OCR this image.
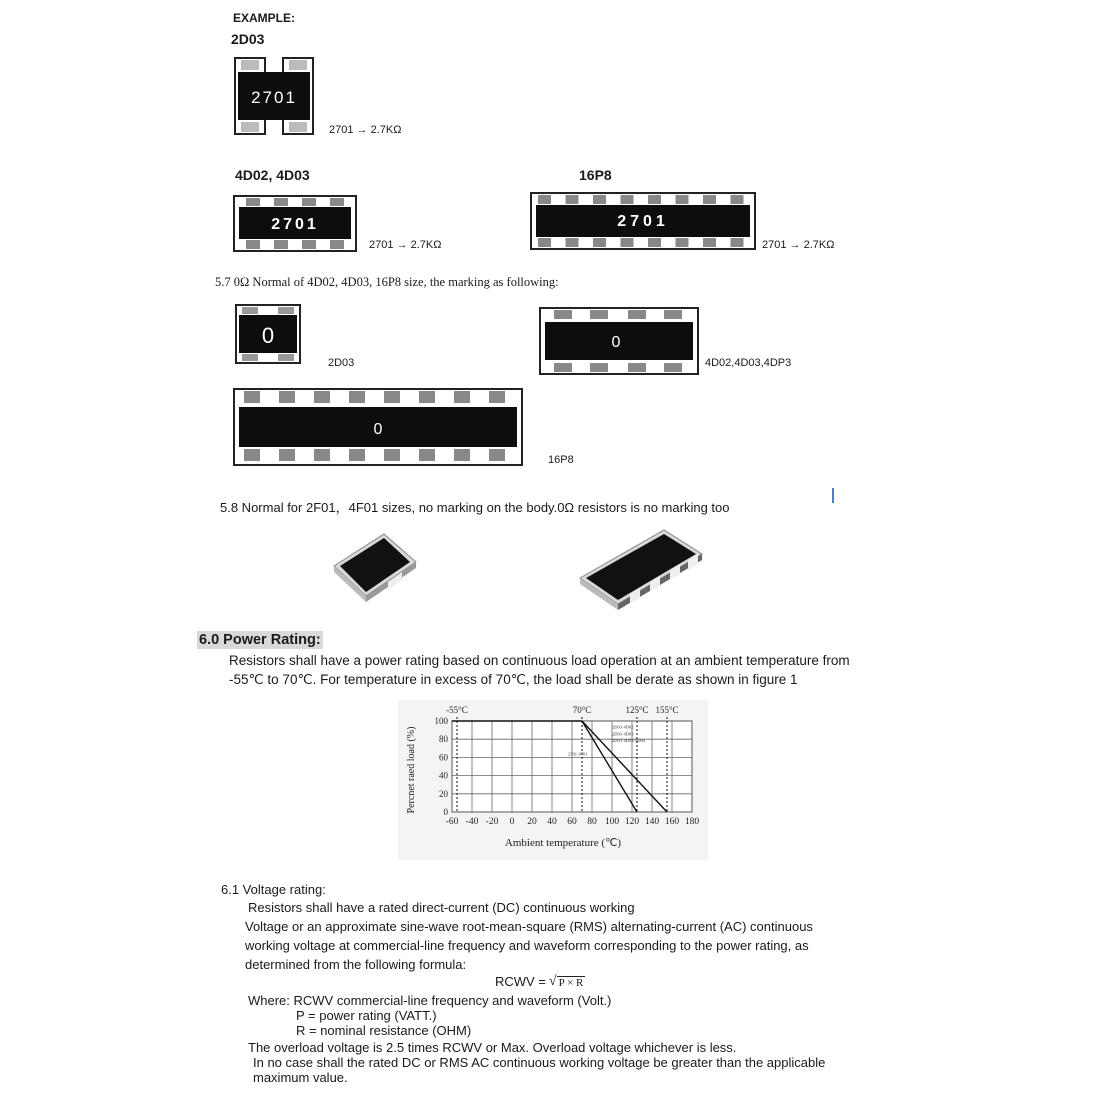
EXAMPLE:
2D03
2701
2701 → 2.7KΩ
4D02, 4D03
2701
2701 → 2.7KΩ
16P8
2701
2701 → 2.7KΩ
5.7 0Ω Normal of 4D02, 4D03, 16P8 size, the marking as following:
0
2D03
0
4D02,4D03,4DP3
0
16P8
5.8 Normal for 2F01，4F01 sizes, no marking on the body.0Ω resistors is no marking too
6.0 Power Rating:
Resistors shall have a power rating based on continuous load operation at an ambient temperature from
-55℃ to 70℃. For temperature in excess of 70℃, the load shall be derate as shown in figure 1
-60 -40 -20 0 20 40 60 80 100 120 140 160 180
0
20
40
60
80
100
-55°C	70°C	125°C 155°C
2D03·4D02
2D03·4D03
2D03·4D03·4D04
2701·4701
Ambient temperature (℃)
Percnet raed load (%)
6.1 Voltage rating:
Resistors shall have a rated direct-current (DC) continuous working
Voltage or an approximate sine-wave root-mean-square (RMS) alternating-current (AC) continuous
working voltage at commercial-line frequency and waveform corresponding to the power rating, as
determined from the following formula:
RCWV = √ P × R
Where: RCWV commercial-line frequency and waveform (Volt.)
P = power rating (VATT.)
R = nominal resistance (OHM)
The overload voltage is 2.5 times RCWV or Max. Overload voltage whichever is less.
In no case shall the rated DC or RMS AC continuous working voltage be greater than the applicable
maximum value.
